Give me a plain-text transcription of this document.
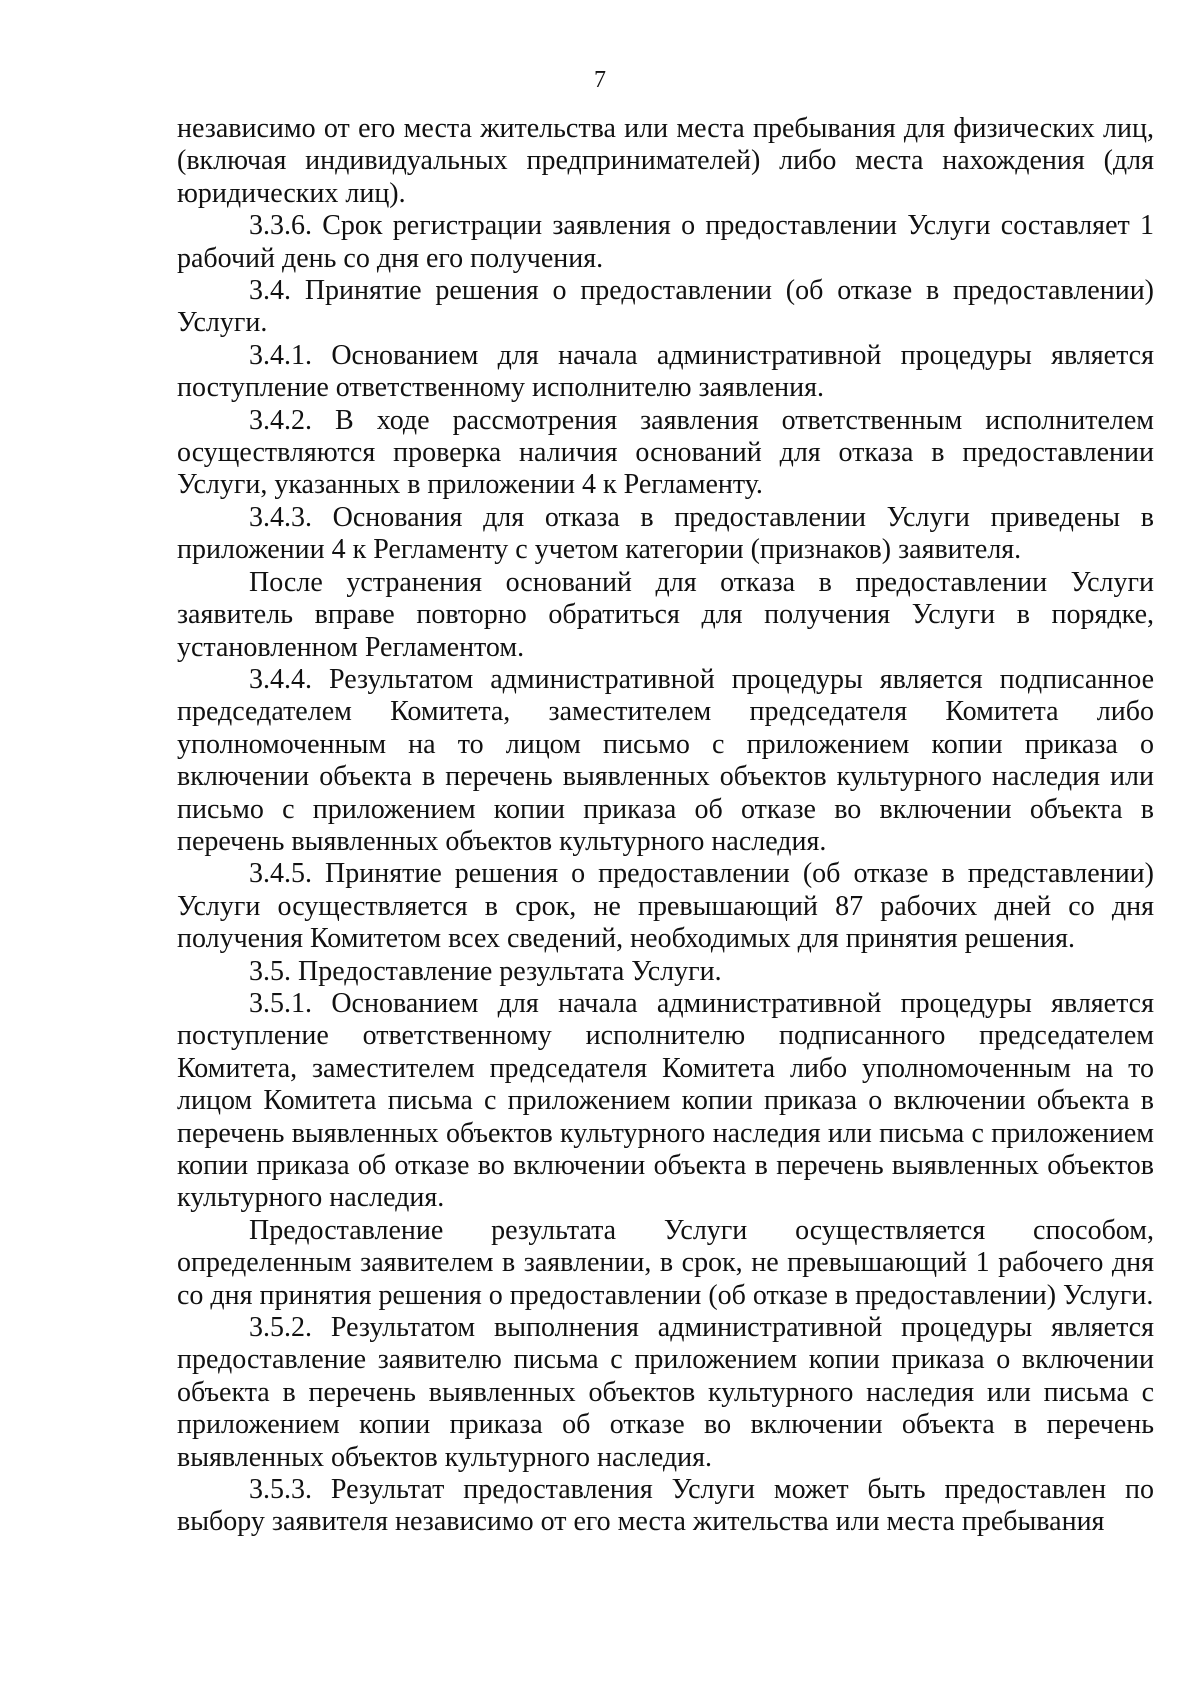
7

независимо от его места жительства или места пребывания для физических лиц, (включая индивидуальных предпринимателей) либо места нахождения (для юридических лиц).

3.3.6. Срок регистрации заявления о предоставлении Услуги составляет 1 рабочий день со дня его получения.

3.4. Принятие решения о предоставлении (об отказе в предоставлении) Услуги.

3.4.1. Основанием для начала административной процедуры является поступление ответственному исполнителю заявления.

3.4.2. В ходе рассмотрения заявления ответственным исполнителем осуществляются проверка наличия оснований для отказа в предоставлении Услуги, указанных в приложении 4 к Регламенту.

3.4.3. Основания для отказа в предоставлении Услуги приведены в приложении 4 к Регламенту с учетом категории (признаков) заявителя.

После устранения оснований для отказа в предоставлении Услуги заявитель вправе повторно обратиться для получения Услуги в порядке, установленном Регламентом.

3.4.4. Результатом административной процедуры является подписанное председателем Комитета, заместителем председателя Комитета либо уполномоченным на то лицом письмо с приложением копии приказа о включении объекта в перечень выявленных объектов культурного наследия или письмо с приложением копии приказа об отказе во включении объекта в перечень выявленных объектов культурного наследия.

3.4.5. Принятие решения о предоставлении (об отказе в представлении) Услуги осуществляется в срок, не превышающий 87 рабочих дней со дня получения Комитетом всех сведений, необходимых для принятия решения.

3.5. Предоставление результата Услуги.

3.5.1. Основанием для начала административной процедуры является поступление ответственному исполнителю подписанного председателем Комитета, заместителем председателя Комитета либо уполномоченным на то лицом Комитета письма с приложением копии приказа о включении объекта в перечень выявленных объектов культурного наследия или письма с приложением копии приказа об отказе во включении объекта в перечень выявленных объектов культурного наследия.

Предоставление результата Услуги осуществляется способом, определенным заявителем в заявлении, в срок, не превышающий 1 рабочего дня со дня принятия решения о предоставлении (об отказе в предоставлении) Услуги.

3.5.2. Результатом выполнения административной процедуры является предоставление заявителю письма с приложением копии приказа о включении объекта в перечень выявленных объектов культурного наследия или письма с приложением копии приказа об отказе во включении объекта в перечень выявленных объектов культурного наследия.

3.5.3. Результат предоставления Услуги может быть предоставлен по выбору заявителя независимо от его места жительства или места пребывания
